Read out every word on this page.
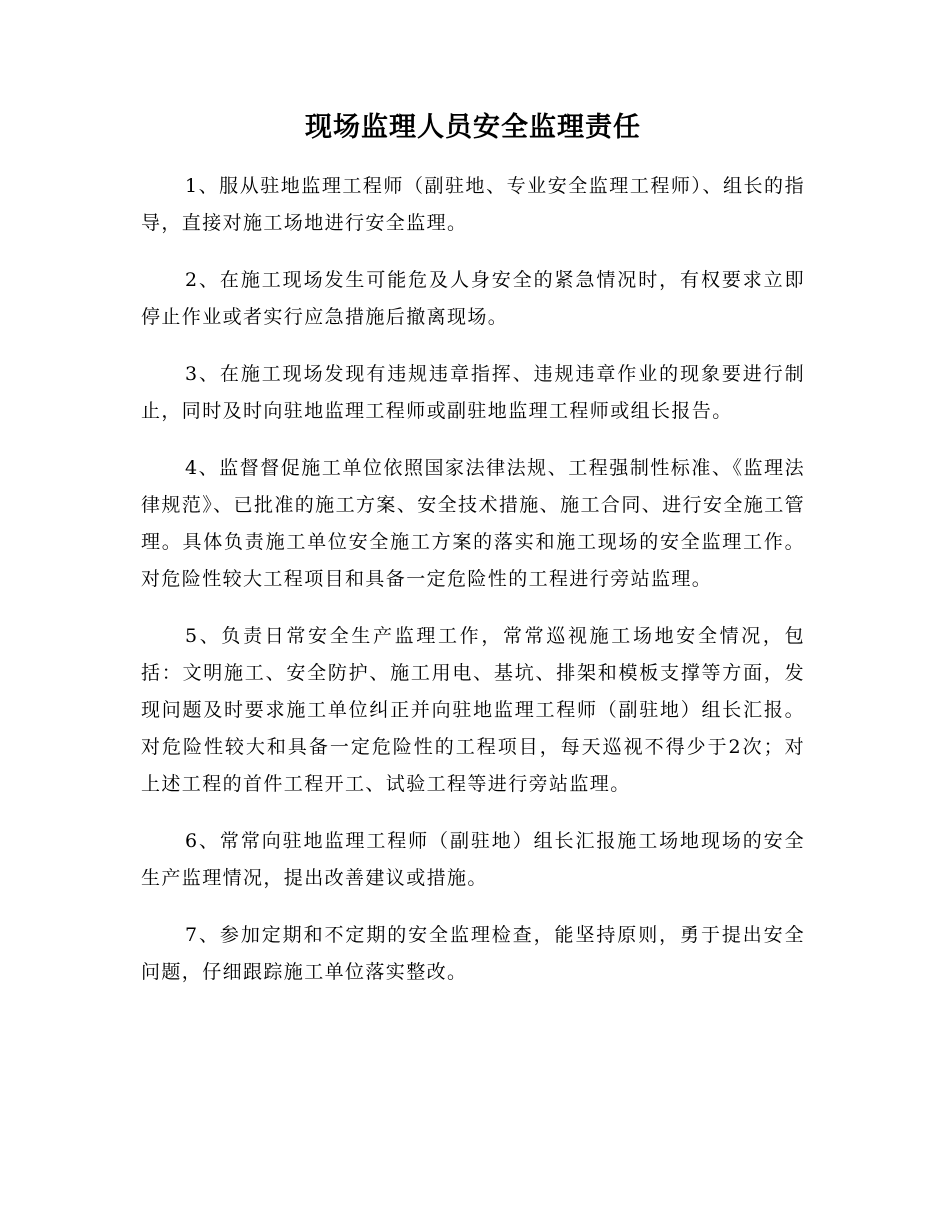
现场监理人员安全监理责任

1、服从驻地监理工程师（副驻地、专业安全监理工程师）、组长的指导，直接对施工场地进行安全监理。

2、在施工现场发生可能危及人身安全的紧急情况时，有权要求立即停止作业或者实行应急措施后撤离现场。

3、在施工现场发现有违规违章指挥、违规违章作业的现象要进行制止，同时及时向驻地监理工程师或副驻地监理工程师或组长报告。

4、监督督促施工单位依照国家法律法规、工程强制性标准、《监理法律规范》、已批准的施工方案、安全技术措施、施工合同、进行安全施工管理。具体负责施工单位安全施工方案的落实和施工现场的安全监理工作。对危险性较大工程项目和具备一定危险性的工程进行旁站监理。

5、负责日常安全生产监理工作，常常巡视施工场地安全情况，包括：文明施工、安全防护、施工用电、基坑、排架和模板支撑等方面，发现问题及时要求施工单位纠正并向驻地监理工程师（副驻地）组长汇报。对危险性较大和具备一定危险性的工程项目，每天巡视不得少于2次；对上述工程的首件工程开工、试验工程等进行旁站监理。

6、常常向驻地监理工程师（副驻地）组长汇报施工场地现场的安全生产监理情况，提出改善建议或措施。

7、参加定期和不定期的安全监理检查，能坚持原则，勇于提出安全问题，仔细跟踪施工单位落实整改。
